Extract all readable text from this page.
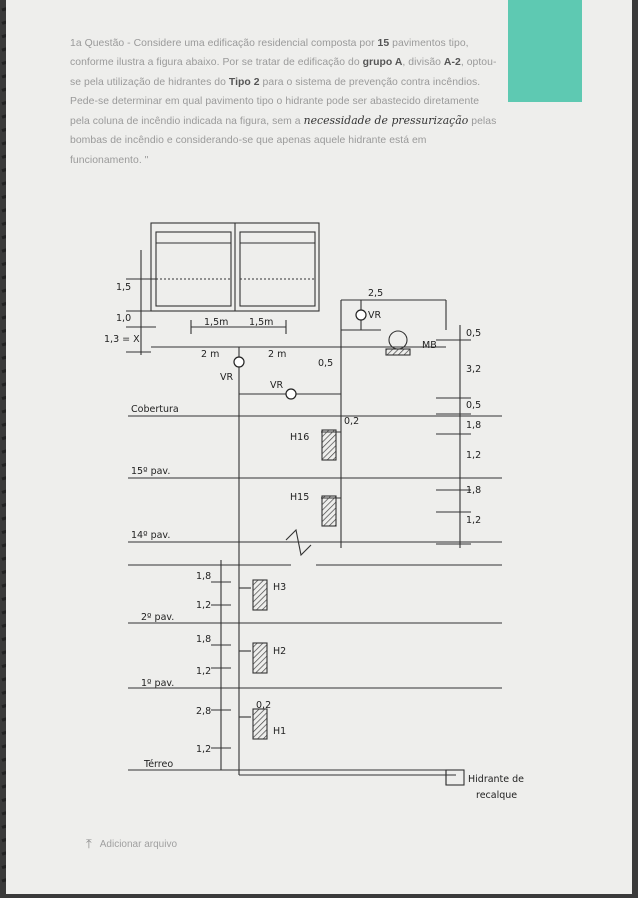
1a Questão - Considere uma edificação residencial composta por 15 pavimentos tipo, conforme ilustra a figura abaixo. Por se tratar de edificação do grupo A, divisão A-2, optou-se pela utilização de hidrantes do Tipo 2 para o sistema de prevenção contra incêndios. Pede-se determinar em qual pavimento tipo o hidrante pode ser abastecido diretamente pela coluna de incêndio indicada na figura, sem a necessidade de pressurização pelas bombas de incêndio e considerando-se que apenas aquele hidrante está em funcionamento. "
1,5
1,0
1,3 = X
1,5m 1,5m
2 m	2 m
0,5
VR
VR
VR
MB
2,5
0,5
3,2
0,5
1,8
1,2
1,8
1,2
Cobertura
15º pav.
14º pav.
2º pav.
1º pav.
Térreo
H16
H15
H3
H2
H1
0,2
1,8
1,2
1,8
1,2
2,8
0,2
1,2
Hidrante de
recalque
⤒ Adicionar arquivo
